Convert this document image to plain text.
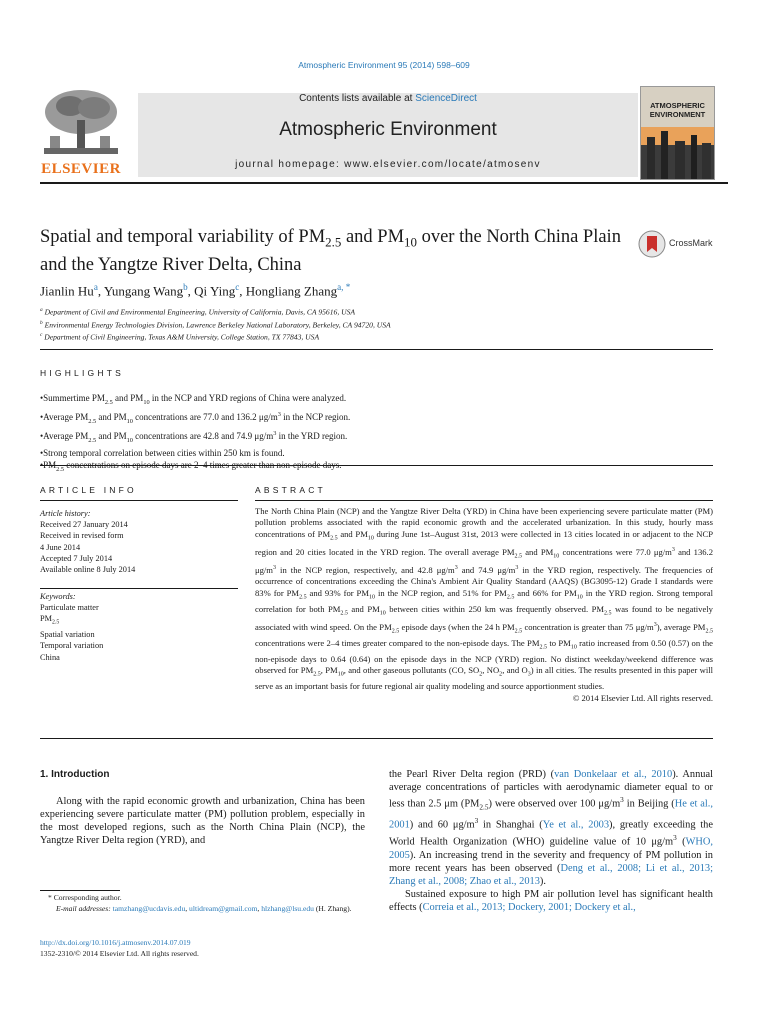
Atmospheric Environment 95 (2014) 598–609
ELSEVIER
Contents lists available at ScienceDirect
Atmospheric Environment
journal homepage: www.elsevier.com/locate/atmosenv
ATMOSPHERIC
ENVIRONMENT
Spatial and temporal variability of $PM_{2.5}$ and $PM_{10}$ over the North China Plain and the Yangtze River Delta, China
CrossMark
Jianlin Hu$^a$, Yungang Wang$^b$, Qi Ying$^c$, Hongliang Zhang$^{a, *}$
$^a$ Department of Civil and Environmental Engineering, University of California, Davis, CA 95616, USA
$^b$ Environmental Energy Technologies Division, Lawrence Berkeley National Laboratory, Berkeley, CA 94720, USA
$^c$ Department of Civil Engineering, Texas A&M University, College Station, TX 77843, USA
HIGHLIGHTS
• Summertime $PM_{2.5}$ and $PM_{10}$ in the NCP and YRD regions of China were analyzed.
• Average $PM_{2.5}$ and $PM_{10}$ concentrations are 77.0 and 136.2 $\mu g/m^3$ in the NCP region.
• Average $PM_{2.5}$ and $PM_{10}$ concentrations are 42.8 and 74.9 $\mu g/m^3$ in the YRD region.
• Strong temporal correlation between cities within 250 km is found.
• $PM_{2.5}$ concentrations on episode days are 2–4 times greater than non-episode days.
ARTICLE INFO	ABSTRACT
Article history:
Received 27 January 2014
Received in revised form
4 June 2014
Accepted 7 July 2014
Available online 8 July 2014
Keywords:
Particulate matter
$PM_{2.5}$
Spatial variation
Temporal variation
China
The North China Plain (NCP) and the Yangtze River Delta (YRD) in China have been experiencing severe particulate matter (PM) pollution problems associated with the rapid economic growth and the accelerated urbanization. In this study, hourly mass concentrations of $PM_{2.5}$ and $PM_{10}$ during June 1st–August 31st, 2013 were collected in 13 cities located in or adjacent to the NCP region and 20 cities located in the YRD region. The overall average $PM_{2.5}$ and $PM_{10}$ concentrations were 77.0 $\mu g/m^3$ and 136.2 $\mu g/m^3$ in the NCP region, respectively, and 42.8 $\mu g/m^3$ and 74.9 $\mu g/m^3$ in the YRD region, respectively. The frequencies of occurrence of concentrations exceeding the China's Ambient Air Quality Standard (AAQS) (BG3095-12) Grade I standards were 83% for $PM_{2.5}$ and 93% for $PM_{10}$ in the NCP region, and 51% for $PM_{2.5}$ and 66% for $PM_{10}$ in the YRD region. Strong temporal correlation for both $PM_{2.5}$ and $PM_{10}$ between cities within 250 km was frequently observed. $PM_{2.5}$ was found to be negatively associated with wind speed. On the $PM_{2.5}$ episode days (when the 24 h $PM_{2.5}$ concentration is greater than 75 $\mu g/m^3$), average $PM_{2.5}$ concentrations were 2–4 times greater compared to the non-episode days. The $PM_{2.5}$ to $PM_{10}$ ratio increased from 0.50 (0.57) on the non-episode days to 0.64 (0.64) on the episode days in the NCP (YRD) region. No distinct weekday/weekend difference was observed for $PM_{2.5}$, $PM_{10}$, and other gaseous pollutants (CO, $SO_2$, $NO_2$, and $O_3$) in all cities. The results presented in this paper will serve as an important basis for future regional air quality modeling and source apportionment studies.
© 2014 Elsevier Ltd. All rights reserved.
1. Introduction

Along with the rapid economic growth and urbanization, China has been experiencing severe particulate matter (PM) pollution problem, especially in the most developed regions, such as the North China Plain (NCP), the Yangtze River Delta region (YRD), and

the Pearl River Delta region (PRD) (van Donkelaar et al., 2010). Annual average concentrations of particles with aerodynamic diameter equal to or less than 2.5 μm $(PM_{2.5})$ were observed over 100 $\mu g/m^3$ in Beijing (He et al., 2001) and 60 $\mu g/m^3$ in Shanghai (Ye et al., 2003), greatly exceeding the World Health Organization (WHO) guideline value of 10 $\mu g/m^3$ (WHO, 2005). An increasing trend in the severity and frequency of PM pollution in more recent years has been observed (Deng et al., 2008; Li et al., 2013; Zhang et al., 2008; Zhao et al., 2013).

Sustained exposure to high PM air pollution level has significant health effects (Correia et al., 2013; Dockery, 2001; Dockery et al.,

* Corresponding author.
E-mail addresses: tamzhang@ucdavis.edu, ultidream@gmail.com, hlzhang@lsu.edu (H. Zhang).
http://dx.doi.org/10.1016/j.atmosenv.2014.07.019
1352-2310/© 2014 Elsevier Ltd. All rights reserved.
